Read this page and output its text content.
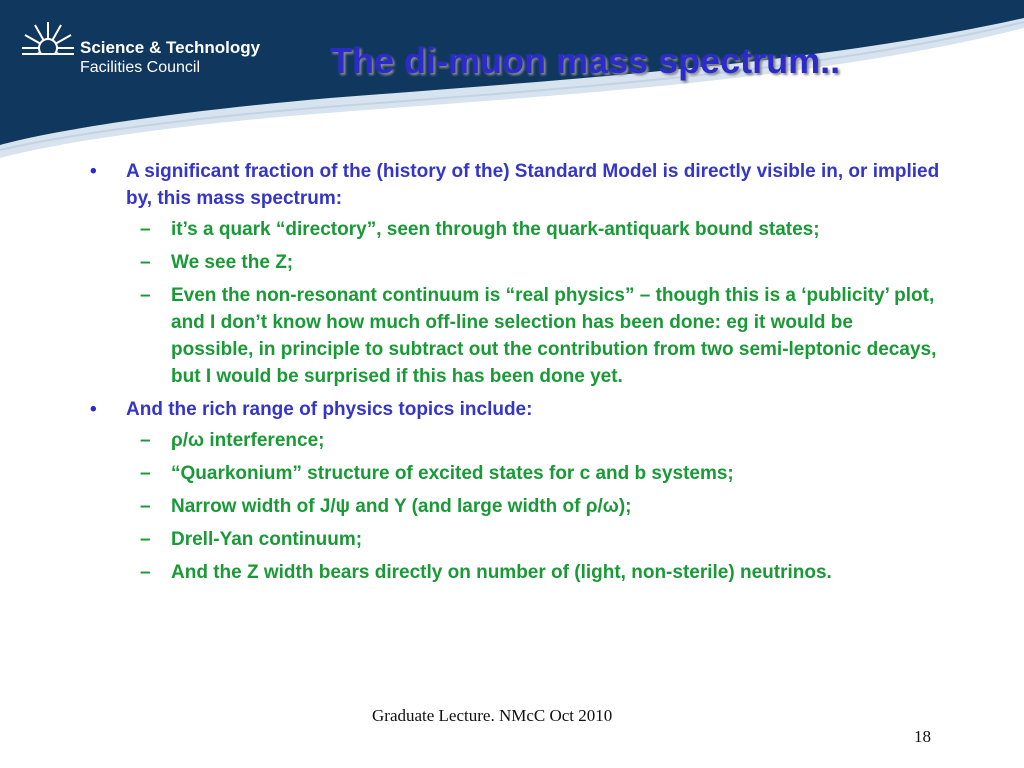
Science & Technology
Facilities Council	The di-muon mass spectrum..
• A significant fraction of the (history of the) Standard Model is directly visible in, or implied by, this mass spectrum:
– it’s a quark “directory”, seen through the quark-antiquark bound states;
– We see the Z;
– Even the non-resonant continuum is “real physics” – though this is a ‘publicity’ plot, and I don’t know how much off-line selection has been done: eg it would be possible, in principle to subtract out the contribution from two semi-leptonic decays, but I would be surprised if this has been done yet.
• And the rich range of physics topics include:
– ρ/ω interference;
– “Quarkonium” structure of excited states for c and b systems;
– Narrow width of J/ψ and Y (and large width of ρ/ω);
– Drell-Yan continuum;
– And the Z width bears directly on number of (light, non-sterile) neutrinos.
Graduate Lecture. NMcC Oct 2010
18
